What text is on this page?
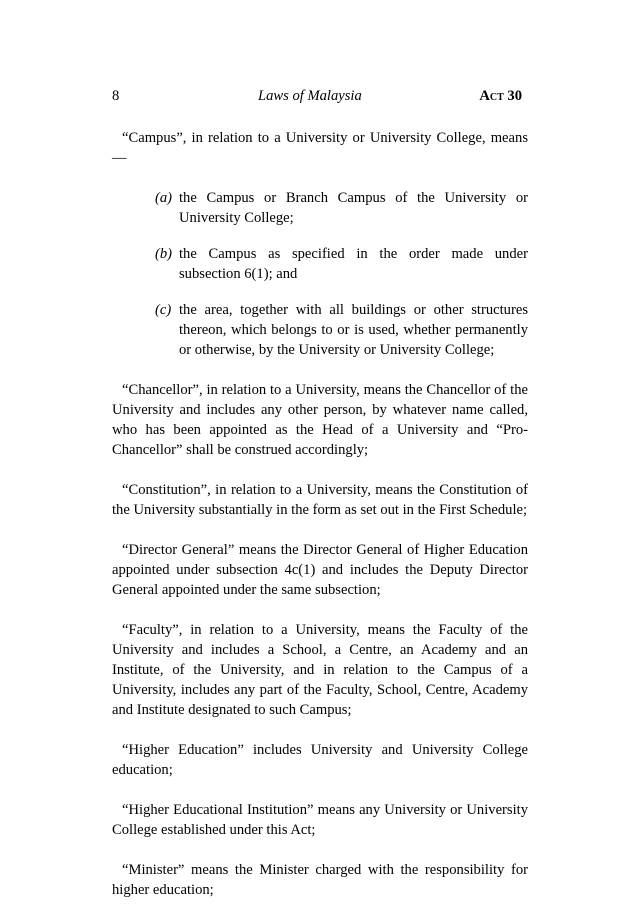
8	Laws of Malaysia	Act 30

“Campus”, in relation to a University or University College, means—

(a) the Campus or Branch Campus of the University or University College;
(b) the Campus as specified in the order made under subsection 6(1); and
(c) the area, together with all buildings or other structures thereon, which belongs to or is used, whether permanently or otherwise, by the University or University College;

“Chancellor”, in relation to a University, means the Chancellor of the University and includes any other person, by whatever name called, who has been appointed as the Head of a University and “Pro-Chancellor” shall be construed accordingly;

“Constitution”, in relation to a University, means the Constitution of the University substantially in the form as set out in the First Schedule;

“Director General” means the Director General of Higher Education appointed under subsection 4c(1) and includes the Deputy Director General appointed under the same subsection;

“Faculty”, in relation to a University, means the Faculty of the University and includes a School, a Centre, an Academy and an Institute, of the University, and in relation to the Campus of a University, includes any part of the Faculty, School, Centre, Academy and Institute designated to such Campus;

“Higher Education” includes University and University College education;

“Higher Educational Institution” means any University or University College established under this Act;

“Minister” means the Minister charged with the responsibility for higher education;
